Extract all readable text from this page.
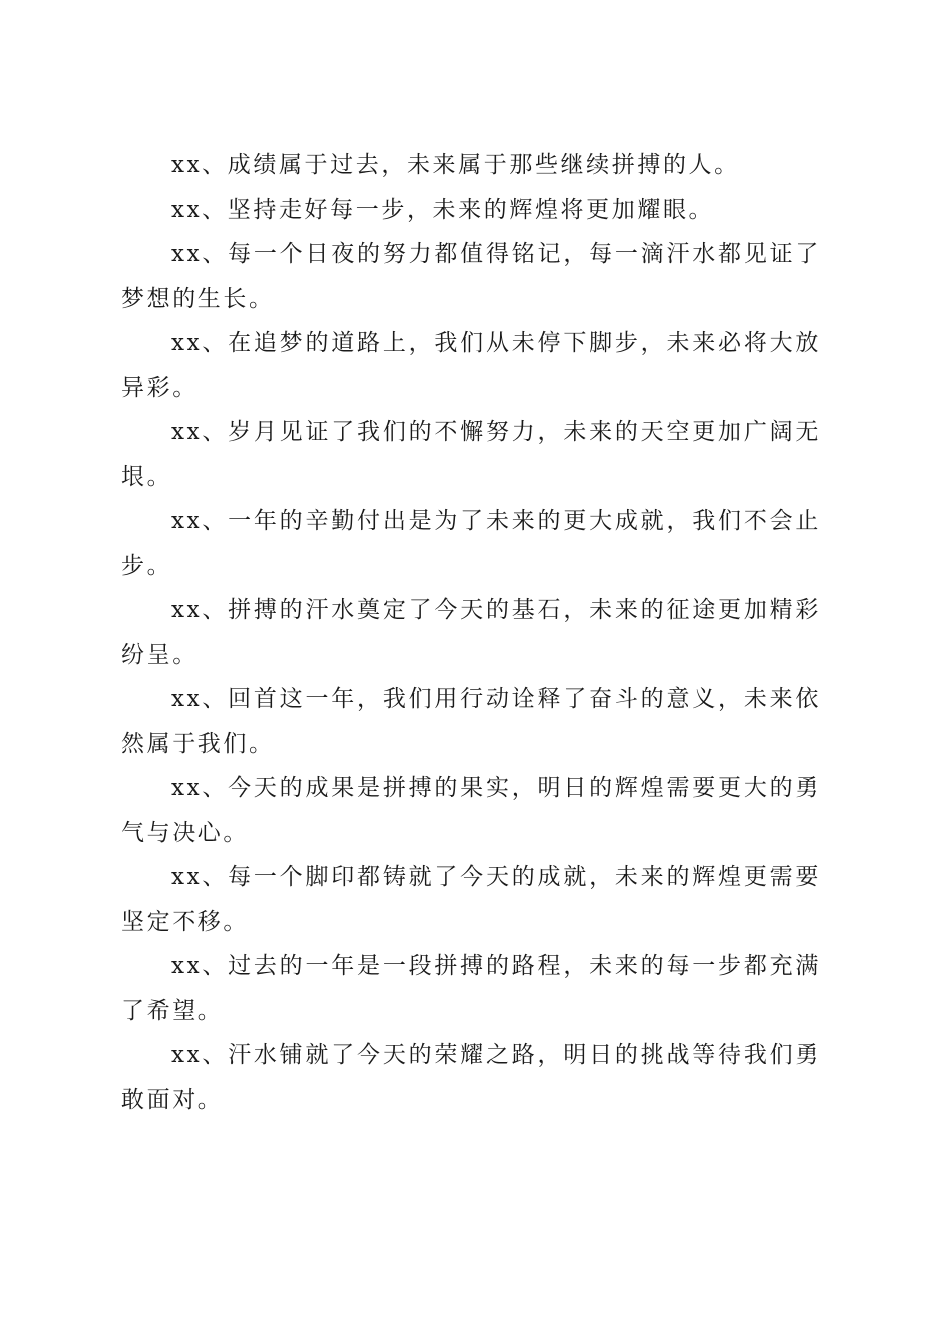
xx、成绩属于过去，未来属于那些继续拼搏的人。

xx、坚持走好每一步，未来的辉煌将更加耀眼。

xx、每一个日夜的努力都值得铭记，每一滴汗水都见证了梦想的生长。

xx、在追梦的道路上，我们从未停下脚步，未来必将大放异彩。

xx、岁月见证了我们的不懈努力，未来的天空更加广阔无垠。

xx、一年的辛勤付出是为了未来的更大成就，我们不会止步。

xx、拼搏的汗水奠定了今天的基石，未来的征途更加精彩纷呈。

xx、回首这一年，我们用行动诠释了奋斗的意义，未来依然属于我们。

xx、今天的成果是拼搏的果实，明日的辉煌需要更大的勇气与决心。

xx、每一个脚印都铸就了今天的成就，未来的辉煌更需要坚定不移。

xx、过去的一年是一段拼搏的路程，未来的每一步都充满了希望。

xx、汗水铺就了今天的荣耀之路，明日的挑战等待我们勇敢面对。
